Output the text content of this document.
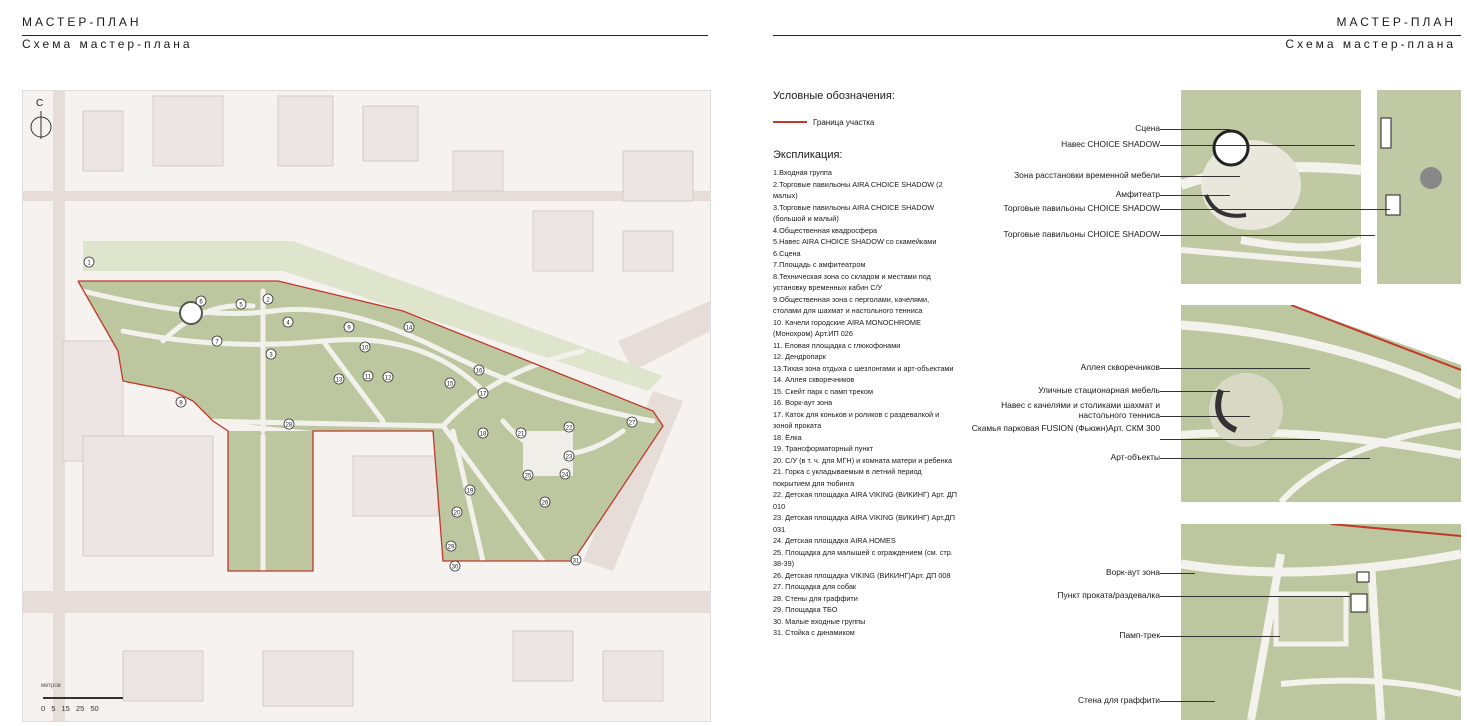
МАСТЕР-ПЛАН
Схема мастер-плана
1
2
3
4
5
6
7
8
9
10
11 12
13
14
15
16
17
18
19
20
21
22
23
24
25
26
27
28
29
30
31
С
метров
0 5 15 25 50
МАСТЕР-ПЛАН
Схема мастер-плана
Условные обозначения:
Граница участка
Экспликация:
1.Входная группа
2.Торговые павильоны AIRA CHOICE SHADOW (2 малых)
3.Торговые павильоны AIRA CHOICE SHADOW (большой и малый)
4.Общественная квадросфера
5.Навес AIRA CHOICE SHADOW со скамейками
6.Сцена
7.Площадь с амфитеатром
8.Техническая зона со складом и местами под установку временных кабин С/У
9.Общественная зона с перголами, качелями, столами для шахмат и настольного тенниса
10. Качели городские AIRA MONOCHROME (Монохром) Арт.ИП 026
11. Еловая площадка с глюкофонами
12. Дендропарк
13.Тихая зона отдыха с шезлонгами и арт-объектами
14. Аллея скворечников
15. Скейт парк с памп треком
16. Ворк-аут зона
17. Каток для коньков и роликов с раздевалкой и зоной проката
18. Ёлка
19. Трансформаторный пункт
20. С/У (в т. ч. для МГН) и комната матери и ребенка
21. Горка с укладываемым в летний период покрытием для тюбинга
22. Детская площадка AIRA VIKING (ВИКИНГ) Арт. ДП 010
23. Детская площадка AIRA VIKING (ВИКИНГ) Арт.ДП 031
24. Детская площадка AIRA HOMES
25. Площадка для малышей с ограждением (см. стр. 38-39)
26. Детская площадка VIKING (ВИКИНГ)Арт. ДП 008
27. Площадка для собак
28. Стены для граффити
29. Площадка ТБО
30. Малые входные группы
31. Стойка с динамиком
Сцена
Навес CHOICE SHADOW
Зона расстановки временной мебели
Амфитеатр
Торговые павильоны CHOICE SHADOW
Торговые павильоны CHOICE SHADOW
Аллея скворечников
Уличные стационарная мебель
Навес с качелями и столиками шахмат и настольного тенниса
Скамья парковая FUSION (Фьюжн)Арт. СКМ 300
Арт-объекты
Ворк-аут зона
Пункт проката/раздевалка
Памп-трек
Стена для граффити
